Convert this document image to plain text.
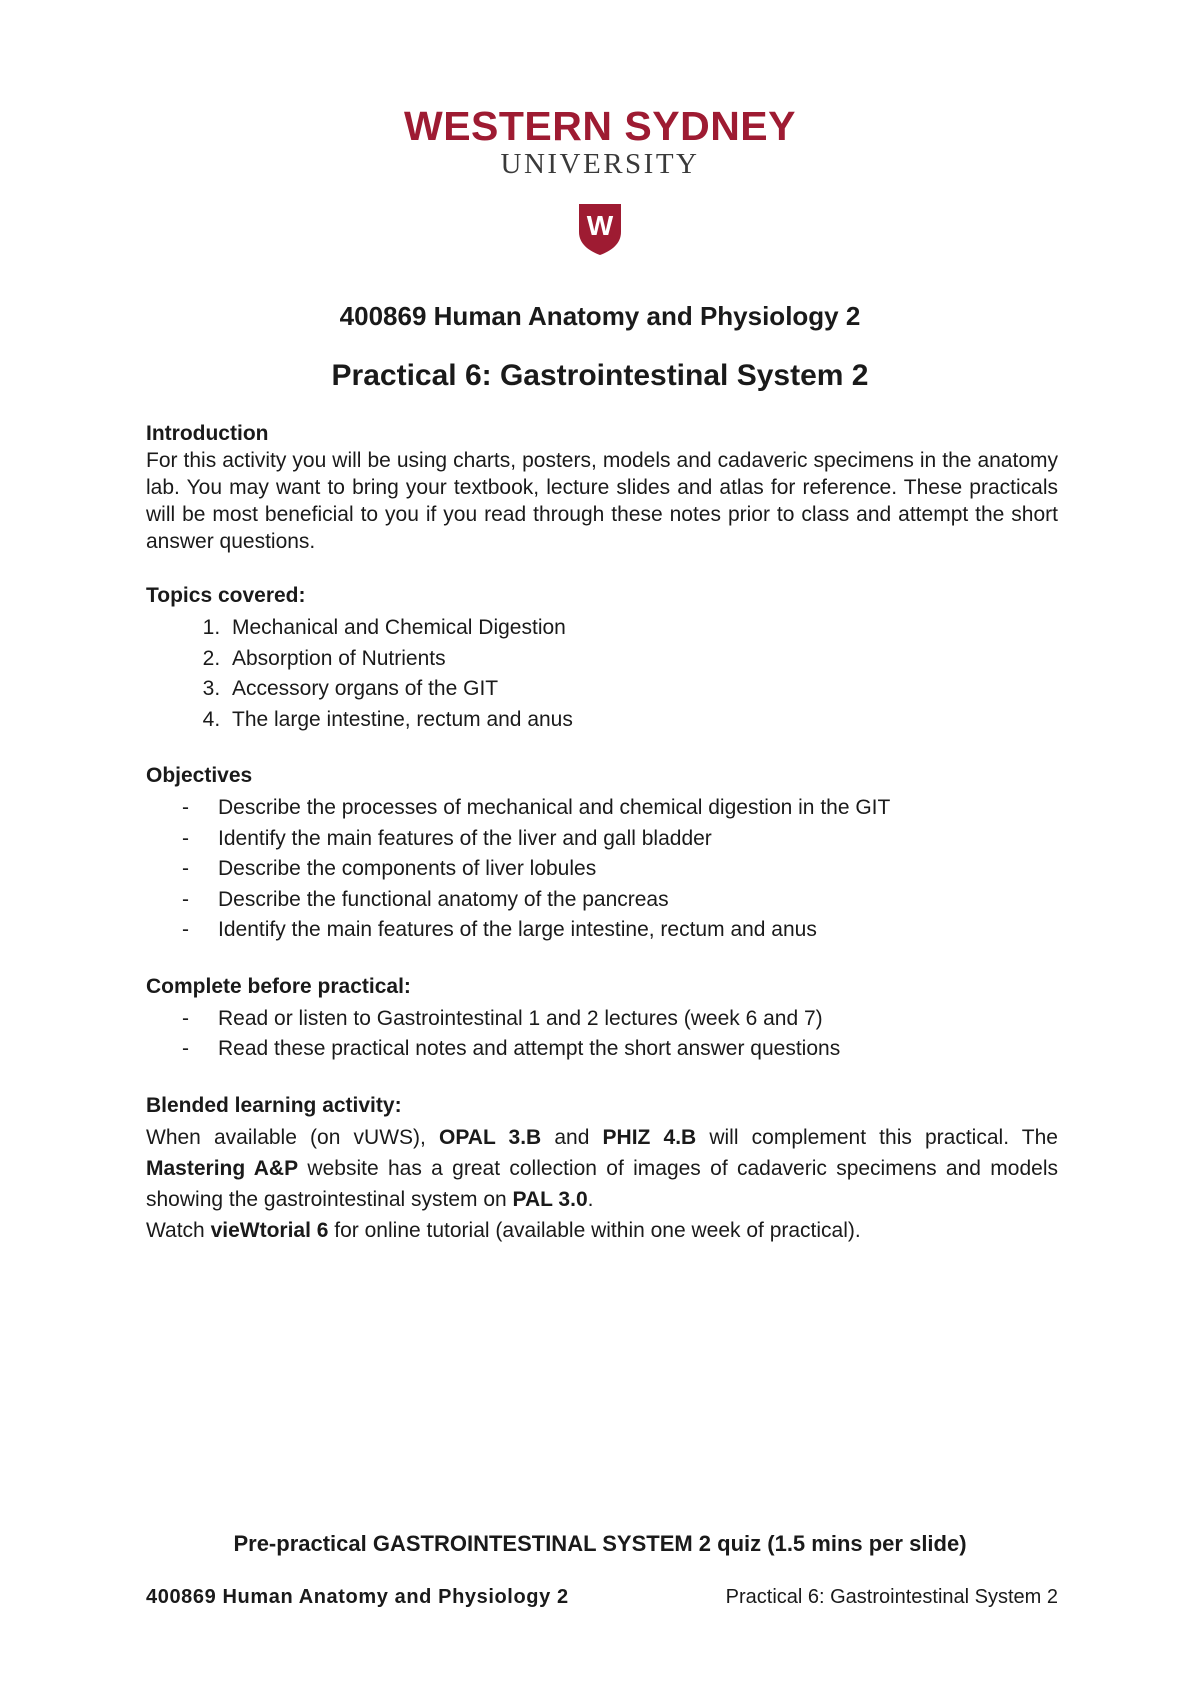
WESTERN SYDNEY
UNIVERSITY
W
400869 Human Anatomy and Physiology 2
Practical 6: Gastrointestinal System 2
Introduction

For this activity you will be using charts, posters, models and cadaveric specimens in the anatomy lab. You may want to bring your textbook, lecture slides and atlas for reference. These practicals will be most beneficial to you if you read through these notes prior to class and attempt the short answer questions.

Topics covered:
1. Mechanical and Chemical Digestion
2. Absorption of Nutrients
3. Accessory organs of the GIT
4. The large intestine, rectum and anus
Objectives
- Describe the processes of mechanical and chemical digestion in the GIT
- Identify the main features of the liver and gall bladder
- Describe the components of liver lobules
- Describe the functional anatomy of the pancreas
- Identify the main features of the large intestine, rectum and anus
Complete before practical:
- Read or listen to Gastrointestinal 1 and 2 lectures (week 6 and 7)
- Read these practical notes and attempt the short answer questions
Blended learning activity:
When available (on vUWS), OPAL 3.B and PHIZ 4.B will complement this practical. The Mastering A&P website has a great collection of images of cadaveric specimens and models showing the gastrointestinal system on PAL 3.0.
Watch vieWtorial 6 for online tutorial (available within one week of practical).
Pre-practical GASTROINTESTINAL SYSTEM 2 quiz (1.5 mins per slide)
400869 Human Anatomy and Physiology 2	Practical 6: Gastrointestinal System 2
